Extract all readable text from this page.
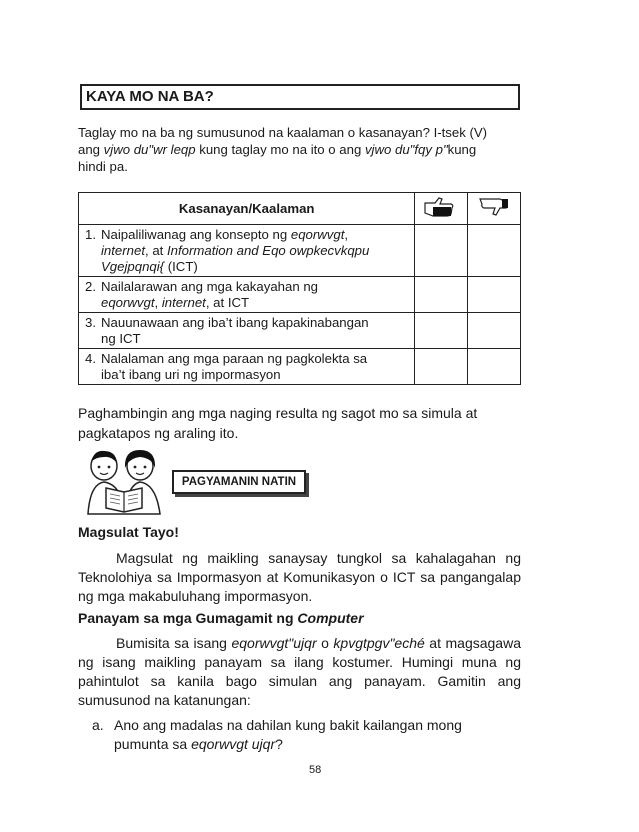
KAYA MO NA BA?
Taglay mo na ba ng sumusunod na kaalaman o kasanayan? I-tsek (V)
ang vjwo du"wr leqp kung taglay mo na ito o ang vjwo du"fqy p"kung
hindi pa.
Kasanayan/Kaalaman		
1. Naipaliliwanag ang konsepto ng eqorwvgt,
internet, at Information and Eqo owpkecvkqpu
Vgejpqnqi{ (ICT)		

2. Nailalarawan ang mga kakayahan ng
eqorwvgt, internet, at ICT		

3. Nauunawaan ang iba’t ibang kapakinabangan
ng ICT		

4. Nalalaman ang mga paraan ng pagkolekta sa
iba’t ibang uri ng impormasyon		

Paghambingin ang mga naging resulta ng sagot mo sa simula at
pagkatapos ng araling ito.
PAGYAMANIN NATIN
Magsulat Tayo!
Magsulat ng maikling sanaysay tungkol sa kahalagahan ng Teknolohiya sa Impormasyon at Komunikasyon o ICT sa pangangalap ng mga makabuluhang impormasyon.
Panayam sa mga Gumagamit ng Computer
Bumisita sa isang eqorwvgt"ujqr o kpvgtpgv"eché at magsagawa ng isang maikling panayam sa ilang kostumer. Humingi muna ng pahintulot sa kanila bago simulan ang panayam. Gamitin ang sumusunod na katanungan:
a. Ano ang madalas na dahilan kung bakit kailangan mong
pumunta sa eqorwvgt ujqr?
58
